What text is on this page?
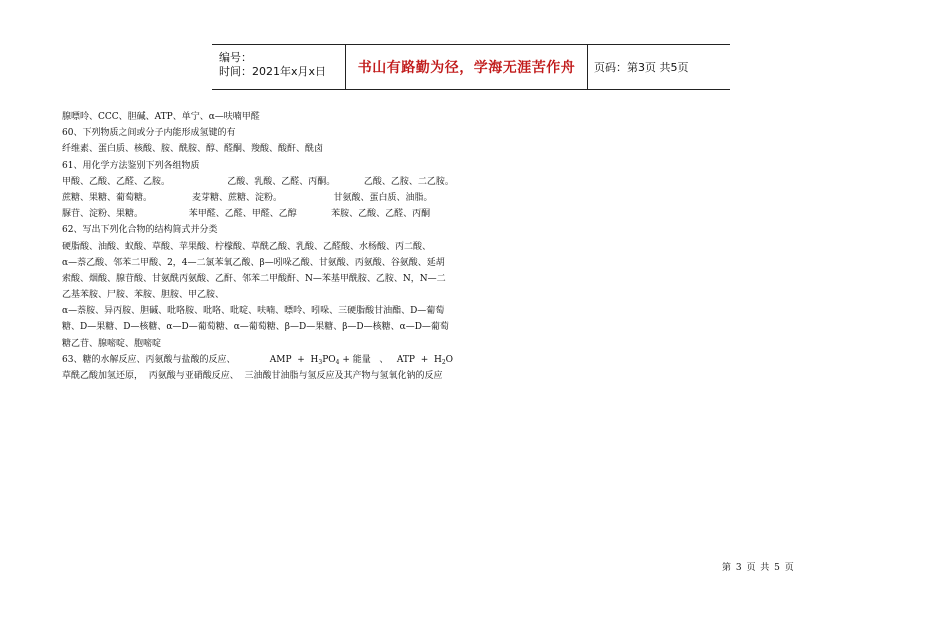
编号：
时间：2021年x月x日 书山有路勤为径，学海无涯苦作舟 页码：第3页 共5页
腺嘌呤、CCC、胆碱、ATP、单宁、α—呋喃甲醛
60、下列物质之间或分子内能形成氢键的有
纤维素、蛋白质、核酸、胺、酰胺、醇、醛酮、羧酸、酸酐、酰卤
61、用化学方法鉴别下列各组物质
甲酸、乙酸、乙醛、乙胺。                    乙酸、乳酸、乙醛、丙酮。          乙酸、乙胺、二乙胺。
蔗糖、果糖、葡萄糖。              麦芽糖、蔗糖、淀粉。                  甘氨酸、蛋白质、油脂。
脲苷、淀粉、果糖。                苯甲醛、乙醛、甲醛、乙醇            苯胺、乙酸、乙醛、丙酮
62、写出下列化合物的结构简式并分类
硬脂酸、油酸、蚁酸、草酸、苹果酸、柠檬酸、草酰乙酸、乳酸、乙醛酸、水杨酸、丙二酸、
α—萘乙酸、邻苯二甲酸、2，4—二氯苯氧乙酸、β—吲哚乙酸、甘氨酸、丙氨酸、谷氨酸、延胡
索酸、烟酸、腺苷酸、甘氨酰丙氨酸、乙酐、邻苯二甲酸酐、N—苯基甲酰胺、乙胺、N，N—二
乙基苯胺、尸胺、苯胺、胆胺、甲乙胺、
α—萘胺、异丙胺、胆碱、吡咯胺、吡咯、吡啶、呋喃、嘌呤、吲哚、三硬脂酸甘油酯、D—葡萄
糖、D—果糖、D—核糖、α—D—葡萄糖、α—葡萄糖、β—D—果糖、β—D—核糖、α—D—葡萄
糖乙苷、腺嘧啶、胞嘧啶
63、糖的水解反应、丙氨酸与盐酸的反应、            AMP  +  $H_3PO_4$ + 能量   、   ATP  +  $H_2O$
草酰乙酸加氢还原，  丙氨酸与亚硝酸反应、  三油酸甘油脂与氢反应及其产物与氢氧化钠的反应
第 3 页 共 5 页
